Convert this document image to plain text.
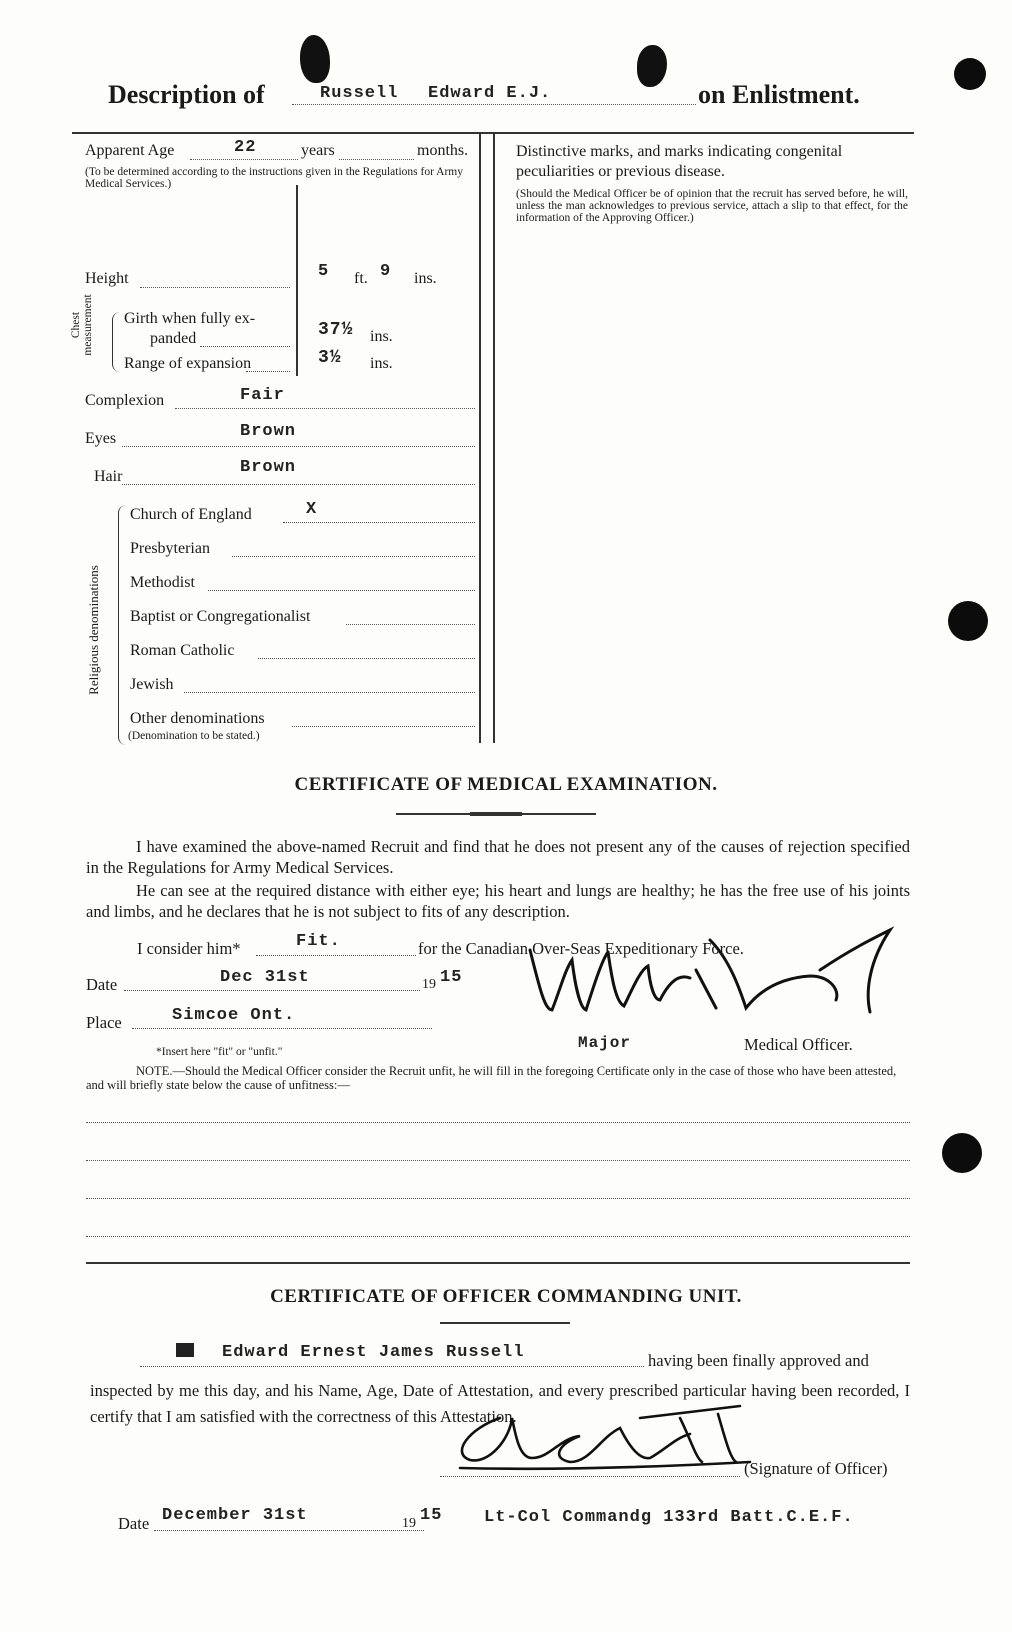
Description of	Russell Edward E.J.	on Enlistment.
Apparent Age	22	years	months.
(To be determined according to the instructions given in the Regulations for Army Medical Services.)
Height	5 ft. 9 ins.
Chest measurement Girth when fully ex-
panded	37½ ins.
Range of expansion	3½ ins.
Complexion	Fair
Eyes	Brown
Hair	Brown
Religious denominations
Church of England	X
Presbyterian
Methodist
Baptist or Congregationalist
Roman Catholic
Jewish
Other denominations
(Denomination to be stated.)
Distinctive marks, and marks indicating congenital peculiarities or previous disease.
(Should the Medical Officer be of opinion that the recruit has served before, he will, unless the man acknowledges to previous service, attach a slip to that effect, for the information of the Approving Officer.)
CERTIFICATE OF MEDICAL EXAMINATION.
I have examined the above-named Recruit and find that he does not present any of the causes of rejection specified in the Regulations for Army Medical Services.
He can see at the required distance with either eye; his heart and lungs are healthy; he has the free use of his joints and limbs, and he declares that he is not subject to fits of any description.
I consider him*	Fit.	for the Canadian Over-Seas Expeditionary Force.
Date	Dec 31st	19 15
Place	Simcoe Ont.
*Insert here "fit" or "unfit."	Major	Medical Officer.
NOTE.—Should the Medical Officer consider the Recruit unfit, he will fill in the foregoing Certificate only in the case of those who have been attested, and will briefly state below the cause of unfitness:—
CERTIFICATE OF OFFICER COMMANDING UNIT.
Edward Ernest James Russell	having been finally approved and
inspected by me this day, and his Name, Age, Date of Attestation, and every prescribed particular having been recorded, I certify that I am satisfied with the correctness of this Attestation.
(Signature of Officer)
Date December 31st	19 15 Lt-Col Commandg 133rd Batt.C.E.F.
